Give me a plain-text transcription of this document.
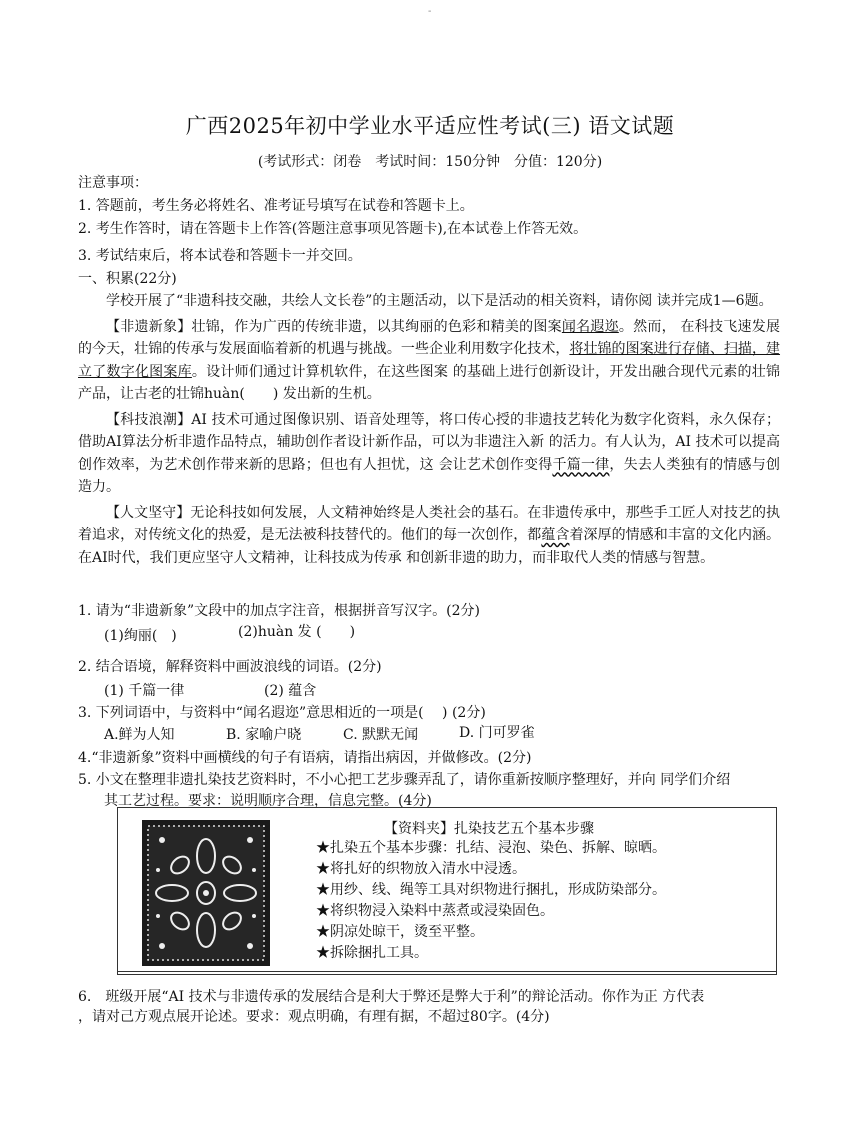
-
广西2025年初中学业水平适应性考试(三) 语文试题
(考试形式：闭卷　考试时间：150分钟　分值：120分)
注意事项：
1. 答题前，考生务必将姓名、准考证号填写在试卷和答题卡上。
2. 考生作答时，请在答题卡上作答(答题注意事项见答题卡),在本试卷上作答无效。
3. 考试结束后，将本试卷和答题卡一并交回。
一、积累(22分)

学校开展了“非遗科技交融，共绘人文长卷”的主题活动，以下是活动的相关资料，请你阅 读并完成1—6题。

【非遗新象】壮锦，作为广西的传统非遗，以其绚丽的色彩和精美的图案闻名遐迩。然而， 在科技飞速发展的今天，壮锦的传承与发展面临着新的机遇与挑战。一些企业利用数字化技术，将壮锦的图案进行存储、扫描，建立了数字化图案库。设计师们通过计算机软件，在这些图案 的基础上进行创新设计，开发出融合现代元素的壮锦产品，让古老的壮锦huàn(　　) 发出新的生机。

【科技浪潮】AI 技术可通过图像识别、语音处理等，将口传心授的非遗技艺转化为数字化资料，永久保存；借助AI算法分析非遗作品特点，辅助创作者设计新作品，可以为非遗注入新 的活力。有人认为，AI 技术可以提高创作效率，为艺术创作带来新的思路；但也有人担忧，这 会让艺术创作变得千篇一律，失去人类独有的情感与创造力。

【人文坚守】无论科技如何发展，人文精神始终是人类社会的基石。在非遗传承中，那些手工匠人对技艺的执着追求，对传统文化的热爱，是无法被科技替代的。他们的每一次创作，都蕴含着深厚的情感和丰富的文化内涵。在AI时代，我们更应坚守人文精神，让科技成为传承 和创新非遗的助力，而非取代人类的情感与智慧。

1. 请为“非遗新象”文段中的加点字注音，根据拼音写汉字。(2分)
(1)绚丽(　)	(2)huàn 发 (　　)
2. 结合语境，解释资料中画波浪线的词语。(2分)
(1) 千篇一律	(2) 蕴含
3. 下列词语中，与资料中“闻名遐迩”意思相近的一项是(　 ) (2分)
A.鲜为人知	B. 家喻户晓	C. 默默无闻	D. 门可罗雀
4.“非遗新象”资料中画横线的句子有语病，请指出病因，并做修改。(2分)
5. 小文在整理非遗扎染技艺资料时，不小心把工艺步骤弄乱了，请你重新按顺序整理好，并向 同学们介绍
其工艺过程。要求：说明顺序合理，信息完整。(4分)
【资料夹】扎染技艺五个基本步骤
★扎染五个基本步骤：扎结、浸泡、染色、拆解、晾晒。
★将扎好的织物放入清水中浸透。
★用纱、线、绳等工具对织物进行捆扎，形成防染部分。
★将织物浸入染料中蒸煮或浸染固色。
★阴凉处晾干，烫至平整。
★拆除捆扎工具。
6.　班级开展“AI 技术与非遗传承的发展结合是利大于弊还是弊大于利”的辩论活动。你作为正 方代表
，请对己方观点展开论述。要求：观点明确，有理有据，不超过80字。(4分)
